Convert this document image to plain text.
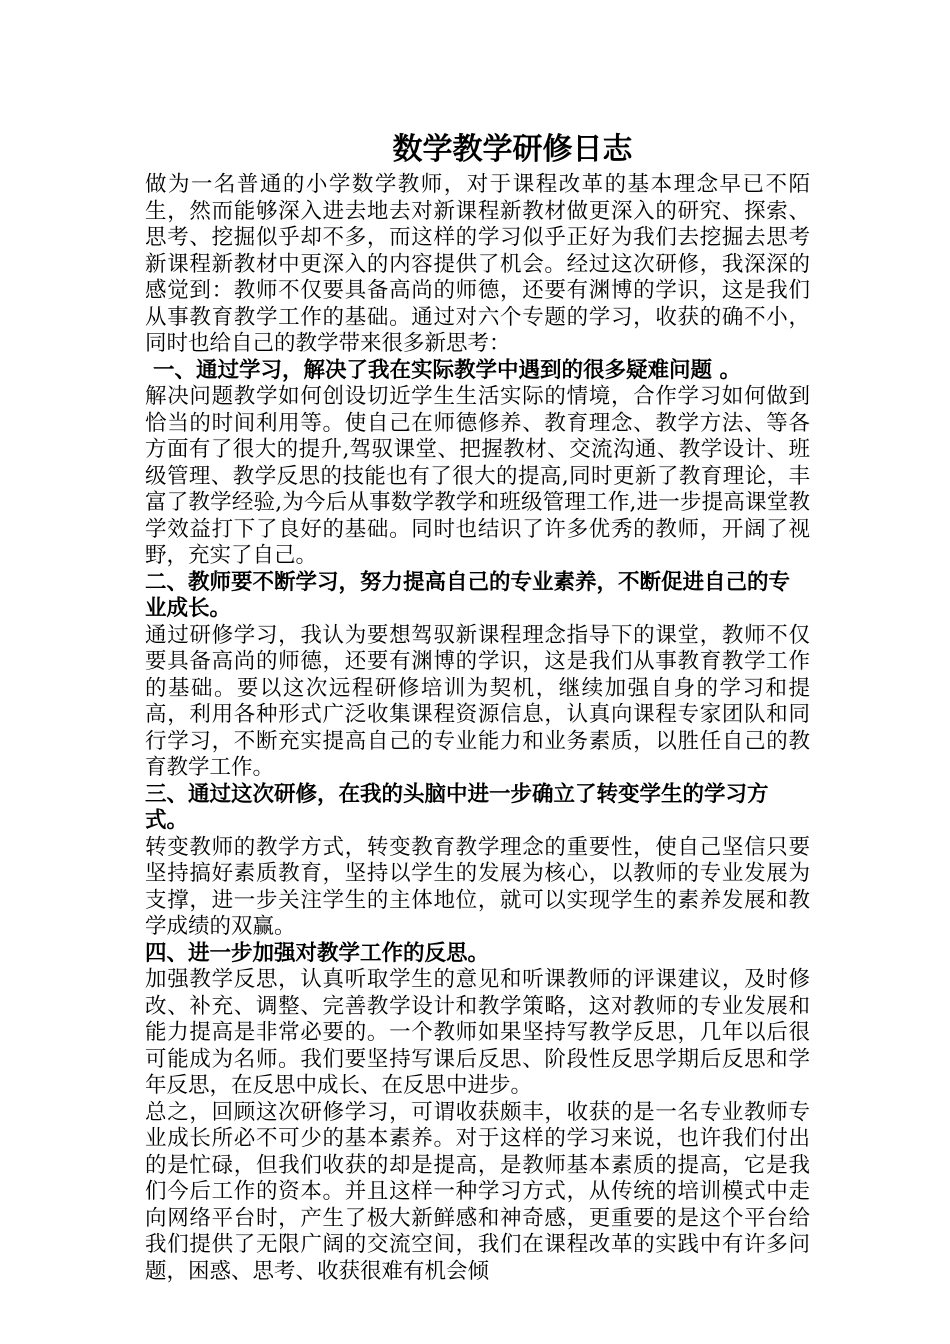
数学教学研修日志

做为一名普通的小学数学教师，对于课程改革的基本理念早已不陌生，然而能够深入进去地去对新课程新教材做更深入的研究、探索、思考、挖掘似乎却不多，而这样的学习似乎正好为我们去挖掘去思考新课程新教材中更深入的内容提供了机会。经过这次研修，我深深的感觉到：教师不仅要具备高尚的师德，还要有渊博的学识，这是我们从事教育教学工作的基础。通过对六个专题的学习，收获的确不小，同时也给自己的教学带来很多新思考：

一、通过学习，解决了我在实际教学中遇到的很多疑难问题 。

解决问题教学如何创设切近学生生活实际的情境，合作学习如何做到恰当的时间利用等。使自己在师德修养、教育理念、教学方法、等各方面有了很大的提升,驾驭课堂、把握教材、交流沟通、教学设计、班级管理、教学反思的技能也有了很大的提高,同时更新了教育理论，丰富了教学经验,为今后从事数学教学和班级管理工作,进一步提高课堂教学效益打下了良好的基础。同时也结识了许多优秀的教师，开阔了视野，充实了自己。

二、教师要不断学习，努力提高自己的专业素养，不断促进自己的专业成长。

通过研修学习，我认为要想驾驭新课程理念指导下的课堂，教师不仅要具备高尚的师德，还要有渊博的学识，这是我们从事教育教学工作的基础。要以这次远程研修培训为契机，继续加强自身的学习和提高，利用各种形式广泛收集课程资源信息，认真向课程专家团队和同行学习，不断充实提高自己的专业能力和业务素质，以胜任自己的教育教学工作。

三、通过这次研修，在我的头脑中进一步确立了转变学生的学习方式。

转变教师的教学方式，转变教育教学理念的重要性，使自己坚信只要坚持搞好素质教育，坚持以学生的发展为核心，以教师的专业发展为支撑，进一步关注学生的主体地位，就可以实现学生的素养发展和教学成绩的双赢。

四、进一步加强对教学工作的反思。

加强教学反思，认真听取学生的意见和听课教师的评课建议，及时修改、补充、调整、完善教学设计和教学策略，这对教师的专业发展和能力提高是非常必要的。一个教师如果坚持写教学反思，几年以后很可能成为名师。我们要坚持写课后反思、阶段性反思学期后反思和学年反思，在反思中成长、在反思中进步。

总之，回顾这次研修学习，可谓收获颇丰，收获的是一名专业教师专业成长所必不可少的基本素养。对于这样的学习来说，也许我们付出的是忙碌，但我们收获的却是提高，是教师基本素质的提高，它是我们今后工作的资本。并且这样一种学习方式，从传统的培训模式中走向网络平台时，产生了极大新鲜感和神奇感，更重要的是这个平台给我们提供了无限广阔的交流空间，我们在课程改革的实践中有许多问题，困惑、思考、收获很难有机会倾
